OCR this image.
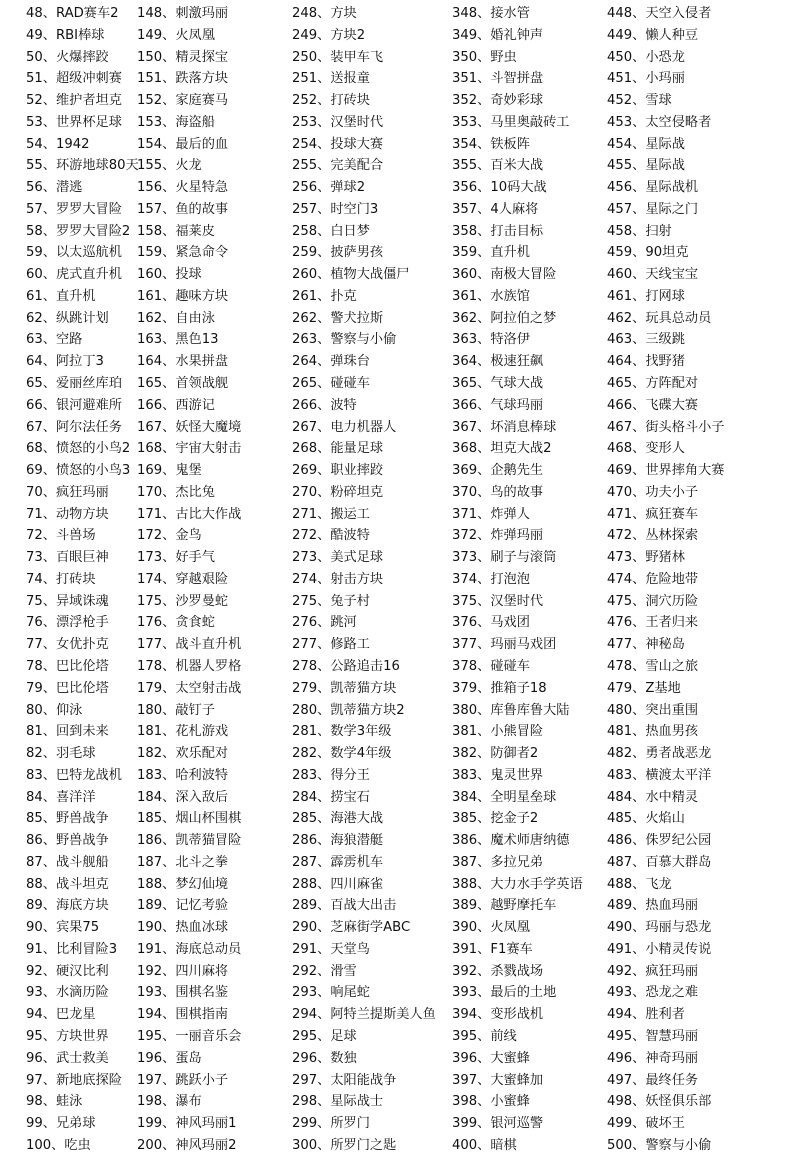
48、RAD赛车2
49、RBI棒球
50、火爆摔跤
51、超级冲刺赛
52、维护者坦克
53、世界杯足球
54、1942
55、环游地球80天
56、潜逃
57、罗罗大冒险
58、罗罗大冒险2
59、以太巡航机
60、虎式直升机
61、直升机
62、纵跳计划
63、空路
64、阿拉丁3
65、爱丽丝库珀
66、银河避难所
67、阿尔法任务
68、愤怒的小鸟2
69、愤怒的小鸟3
70、疯狂玛丽
71、动物方块
72、斗兽场
73、百眼巨神
74、打砖块
75、异域诛魂
76、漂浮枪手
77、女优扑克
78、巴比伦塔
79、巴比伦塔
80、仰泳
81、回到未来
82、羽毛球
83、巴特龙战机
84、喜洋洋
85、野兽战争
86、野兽战争
87、战斗舰船
88、战斗坦克
89、海底方块
90、宾果75
91、比利冒险3
92、硬汉比利
93、水滴历险
94、巴龙星
95、方块世界
96、武士救美
97、新地底探险
98、蛙泳
99、兄弟球
100、吃虫
148、刺激玛丽
149、火凤凰
150、精灵探宝
151、跌落方块
152、家庭赛马
153、海盗船
154、最后的血
155、火龙
156、火星特急
157、鱼的故事
158、福莱皮
159、紧急命令
160、投球
161、趣味方块
162、自由泳
163、黑色13
164、水果拼盘
165、首领战舰
166、西游记
167、妖怪大魔境
168、宇宙大射击
169、鬼堡
170、杰比兔
171、古比大作战
172、金鸟
173、好手气
174、穿越艰险
175、沙罗曼蛇
176、贪食蛇
177、战斗直升机
178、机器人罗格
179、太空射击战
180、敲钉子
181、花札游戏
182、欢乐配对
183、哈利波特
184、深入敌后
185、烟山杯围棋
186、凯蒂猫冒险
187、北斗之拳
188、梦幻仙境
189、记忆考验
190、热血冰球
191、海底总动员
192、四川麻将
193、围棋名鉴
194、围棋指南
195、一丽音乐会
196、蛋岛
197、跳跃小子
198、瀑布
199、神风玛丽1
200、神风玛丽2
248、方块
249、方块2
250、装甲车飞
251、送报童
252、打砖块
253、汉堡时代
254、投球大赛
255、完美配合
256、弹球2
257、时空门3
258、白日梦
259、披萨男孩
260、植物大战僵尸
261、扑克
262、警犬拉斯
263、警察与小偷
264、弹珠台
265、碰碰车
266、波特
267、电力机器人
268、能量足球
269、职业摔跤
270、粉碎坦克
271、搬运工
272、酷波特
273、美式足球
274、射击方块
275、兔子村
276、跳河
277、修路工
278、公路追击16
279、凯蒂猫方块
280、凯蒂猫方块2
281、数学3年级
282、数学4年级
283、得分王
284、捞宝石
285、海港大战
286、海狼潜艇
287、霹雳机车
288、四川麻雀
289、百战大出击
290、芝麻街学ABC
291、天堂鸟
292、滑雪
293、响尾蛇
294、阿特兰提斯美人鱼
295、足球
296、数独
297、太阳能战争
298、星际战士
299、所罗门
300、所罗门之匙
348、接水管
349、婚礼钟声
350、野虫
351、斗智拼盘
352、奇妙彩球
353、马里奥敲砖工
354、铁板阵
355、百米大战
356、10码大战
357、4人麻将
358、打击目标
359、直升机
360、南极大冒险
361、水族馆
362、阿拉伯之梦
363、特洛伊
364、极速狂飙
365、气球大战
366、气球玛丽
367、坏消息棒球
368、坦克大战2
369、企鹅先生
370、鸟的故事
371、炸弹人
372、炸弹玛丽
373、刷子与滚筒
374、打泡泡
375、汉堡时代
376、马戏团
377、玛丽马戏团
378、碰碰车
379、推箱子18
380、库鲁库鲁大陆
381、小熊冒险
382、防御者2
383、鬼灵世界
384、全明星垒球
385、挖金子2
386、魔术师唐纳德
387、多拉兄弟
388、大力水手学英语
389、越野摩托车
390、火凤凰
391、F1赛车
392、杀戮战场
393、最后的土地
394、变形战机
395、前线
396、大蜜蜂
397、大蜜蜂加
398、小蜜蜂
399、银河巡警
400、暗棋
448、天空入侵者
449、懒人种豆
450、小恐龙
451、小玛丽
452、雪球
453、太空侵略者
454、星际战
455、星际战
456、星际战机
457、星际之门
458、扫射
459、90坦克
460、天线宝宝
461、打网球
462、玩具总动员
463、三级跳
464、找野猪
465、方阵配对
466、飞碟大赛
467、街头格斗小子
468、变形人
469、世界摔角大赛
470、功夫小子
471、疯狂赛车
472、丛林探索
473、野猪林
474、危险地带
475、洞穴历险
476、王者归来
477、神秘岛
478、雪山之旅
479、Z基地
480、突出重围
481、热血男孩
482、勇者战恶龙
483、横渡太平洋
484、水中精灵
485、火焰山
486、侏罗纪公园
487、百慕大群岛
488、飞龙
489、热血玛丽
490、玛丽与恐龙
491、小精灵传说
492、疯狂玛丽
493、恐龙之难
494、胜利者
495、智慧玛丽
496、神奇玛丽
497、最终任务
498、妖怪俱乐部
499、破坏王
500、警察与小偷
